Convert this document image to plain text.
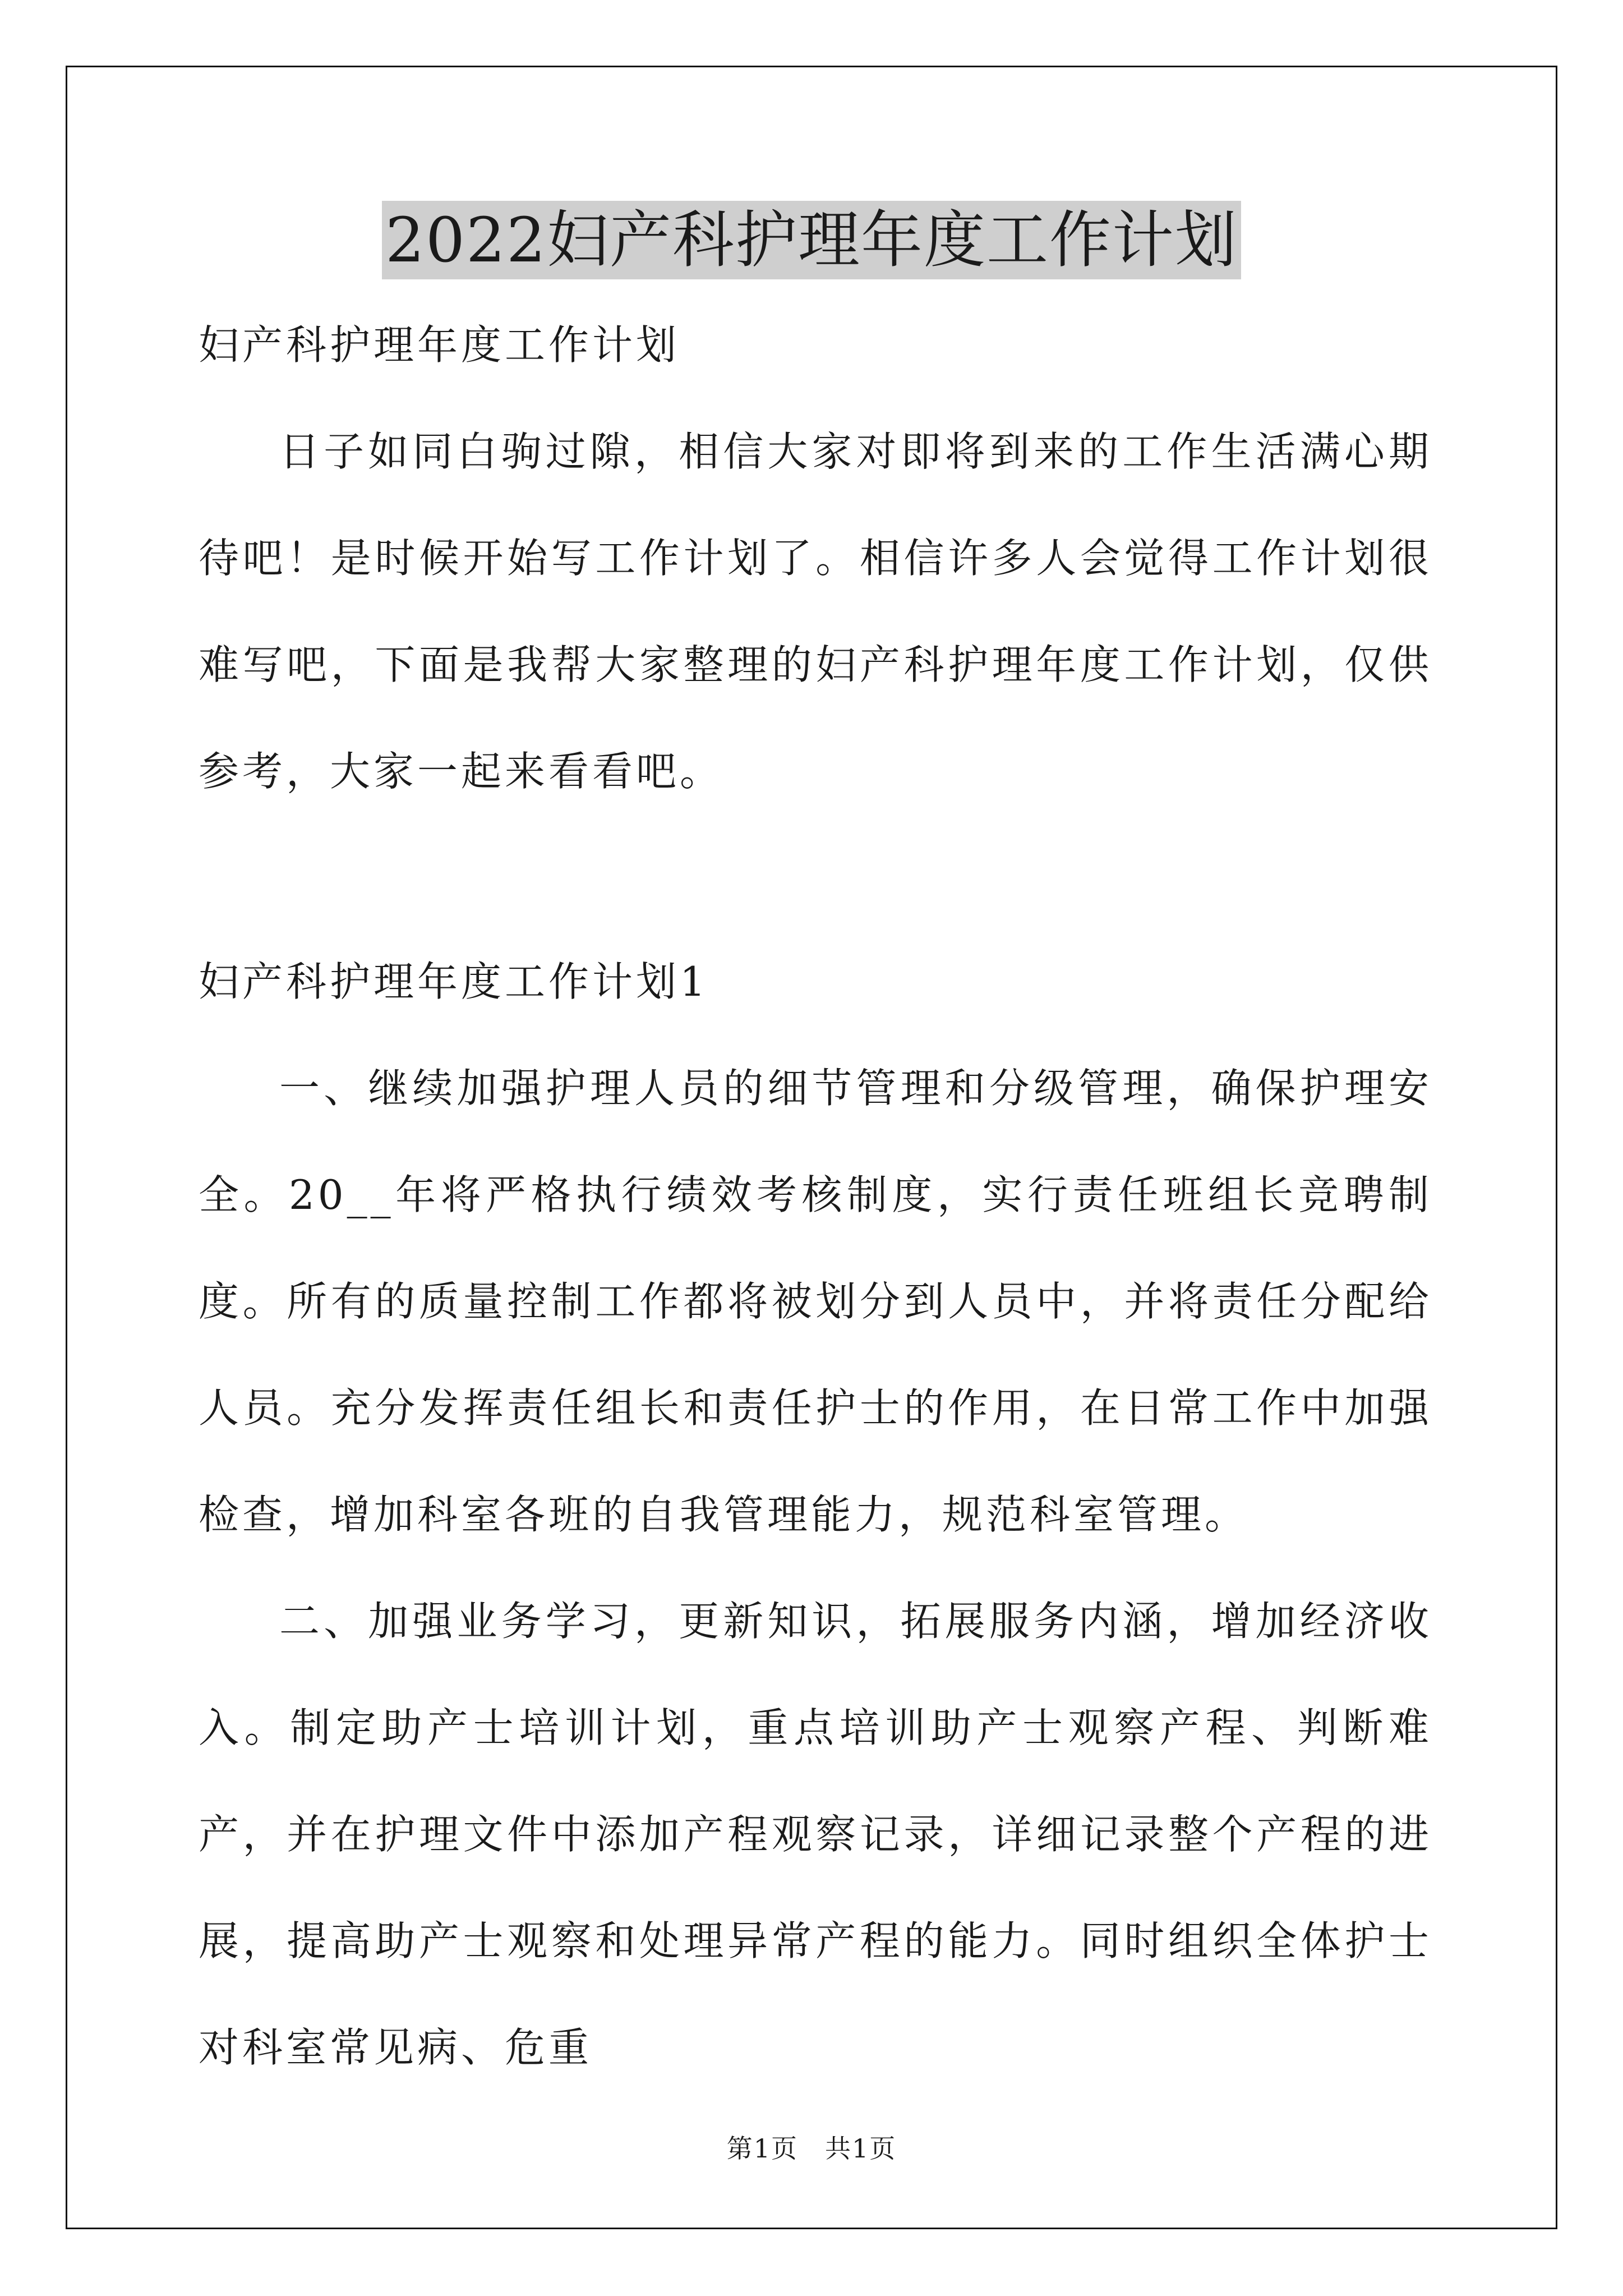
2022妇产科护理年度工作计划
妇产科护理年度工作计划
日子如同白驹过隙，相信大家对即将到来的工作生活满心期待吧！是时候开始写工作计划了。相信许多人会觉得工作计划很难写吧，下面是我帮大家整理的妇产科护理年度工作计划，仅供参考，大家一起来看看吧。
妇产科护理年度工作计划1
一、继续加强护理人员的细节管理和分级管理，确保护理安全。20__年将严格执行绩效考核制度，实行责任班组长竞聘制度。所有的质量控制工作都将被划分到人员中，并将责任分配给人员。充分发挥责任组长和责任护士的作用，在日常工作中加强检查，增加科室各班的自我管理能力，规范科室管理。
二、加强业务学习，更新知识，拓展服务内涵，增加经济收入。制定助产士培训计划，重点培训助产士观察产程、判断难产，并在护理文件中添加产程观察记录，详细记录整个产程的进展，提高助产士观察和处理异常产程的能力。同时组织全体护士对科室常见病、危重
第1页　共1页
